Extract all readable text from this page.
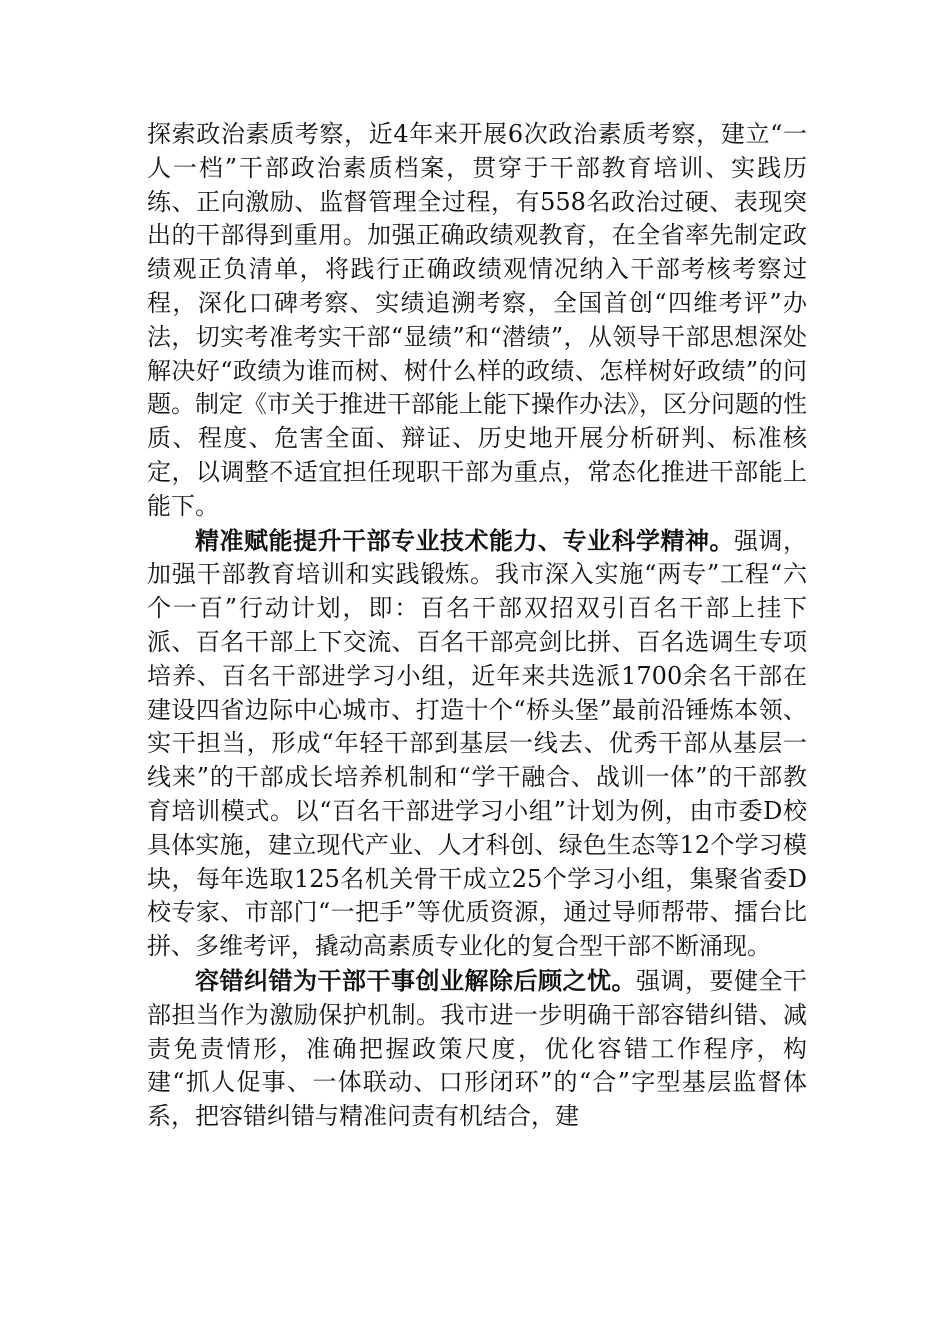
探索政治素质考察，近4年来开展6次政治素质考察，建立“一人一档”干部政治素质档案，贯穿于干部教育培训、实践历练、正向激励、监督管理全过程，有558名政治过硬、表现突出的干部得到重用。加强正确政绩观教育，在全省率先制定政绩观正负清单，将践行正确政绩观情况纳入干部考核考察过程，深化口碑考察、实绩追溯考察，全国首创“四维考评”办法，切实考准考实干部“显绩”和“潜绩”，从领导干部思想深处解决好“政绩为谁而树、树什么样的政绩、怎样树好政绩”的问题。制定《市关于推进干部能上能下操作办法》，区分问题的性质、程度、危害全面、辩证、历史地开展分析研判、标准核定，以调整不适宜担任现职干部为重点，常态化推进干部能上能下。

精准赋能提升干部专业技术能力、专业科学精神。强调，加强干部教育培训和实践锻炼。我市深入实施“两专”工程“六个一百”行动计划，即：百名干部双招双引百名干部上挂下派、百名干部上下交流、百名干部亮剑比拼、百名选调生专项培养、百名干部进学习小组，近年来共选派1700余名干部在建设四省边际中心城市、打造十个“桥头堡”最前沿锤炼本领、实干担当，形成“年轻干部到基层一线去、优秀干部从基层一线来”的干部成长培养机制和“学干融合、战训一体”的干部教育培训模式。以“百名干部进学习小组”计划为例，由市委D校具体实施，建立现代产业、人才科创、绿色生态等12个学习模块，每年选取125名机关骨干成立25个学习小组，集聚省委D校专家、市部门“一把手”等优质资源，通过导师帮带、擂台比拼、多维考评，撬动高素质专业化的复合型干部不断涌现。

容错纠错为干部干事创业解除后顾之忧。强调，要健全干部担当作为激励保护机制。我市进一步明确干部容错纠错、减责免责情形，准确把握政策尺度，优化容错工作程序，构建“抓人促事、一体联动、口形闭环”的“合”字型基层监督体系，把容错纠错与精准问责有机结合，建
